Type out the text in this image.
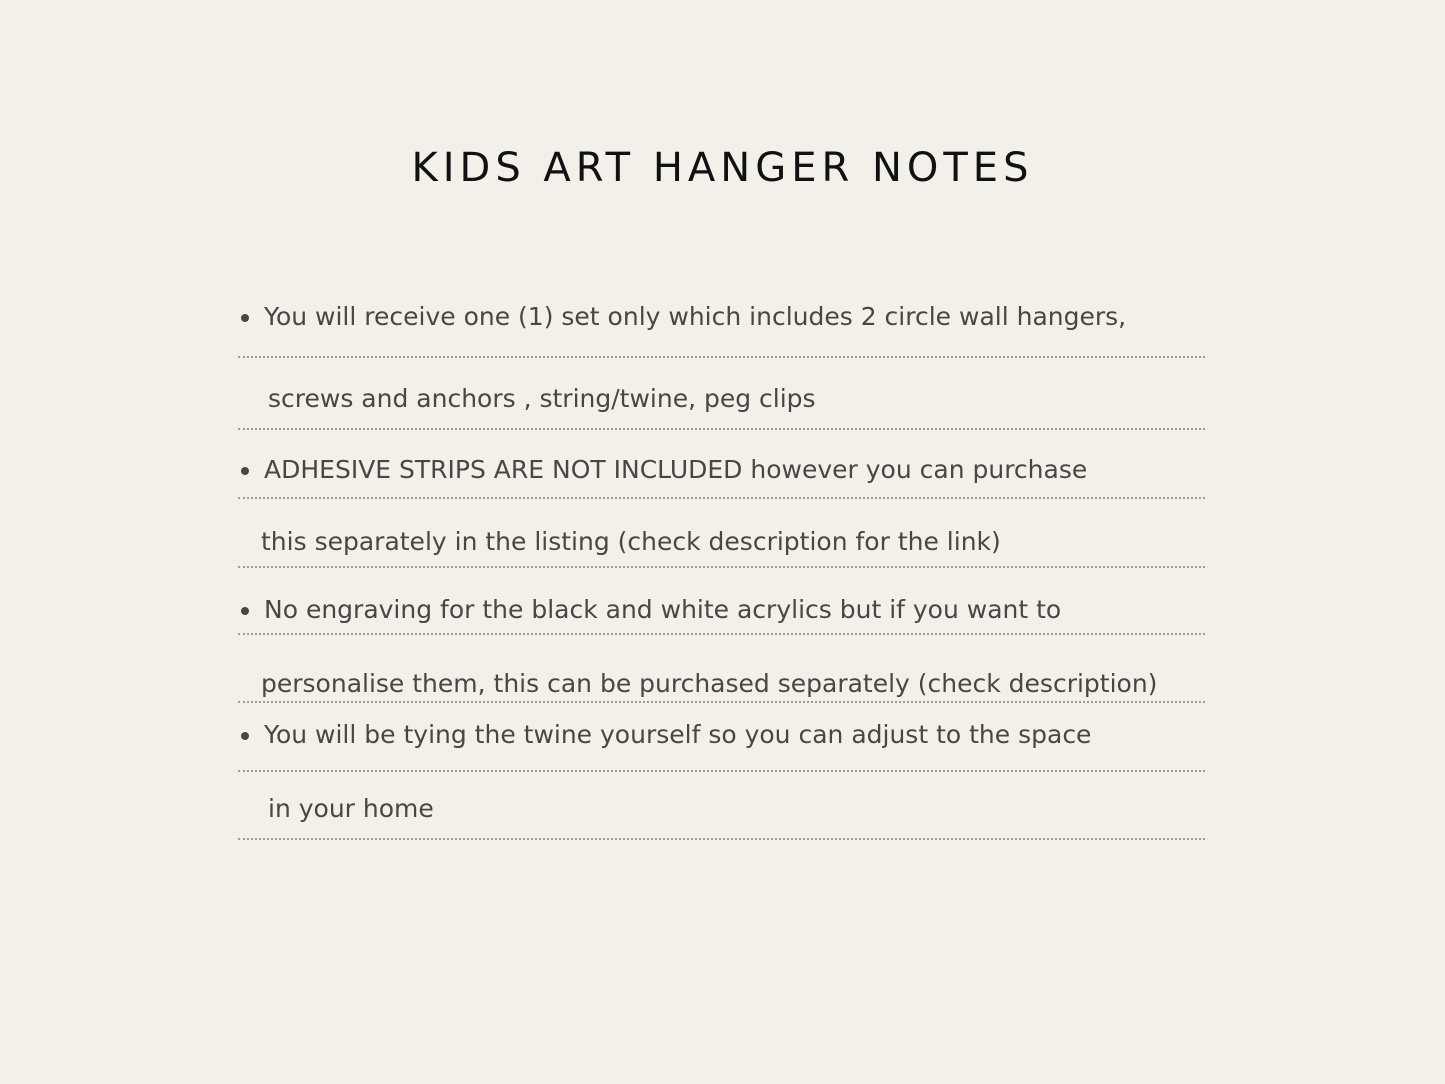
KIDS ART HANGER NOTES
You will receive one (1) set only which includes 2 circle wall hangers,
screws and anchors , string/twine, peg clips
ADHESIVE STRIPS ARE NOT INCLUDED however you can purchase
this separately in the listing (check description for the link)
No engraving for the black and white acrylics but if you want to
personalise them, this can be purchased separately (check description)
You will be tying the twine yourself so you can adjust to the space
in your home
